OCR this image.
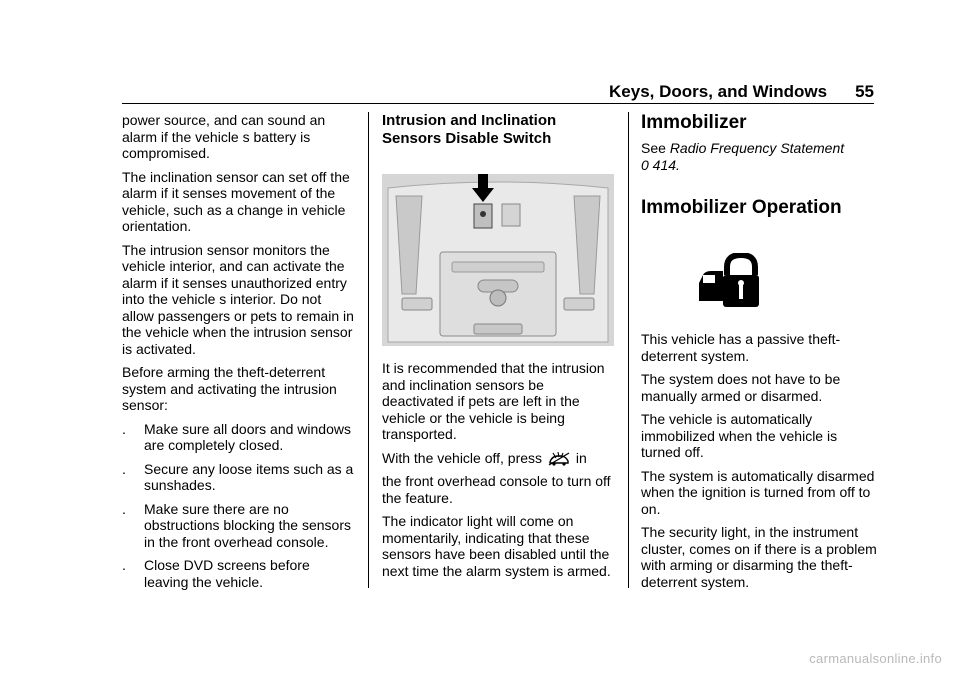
Keys, Doors, and Windows 55

power source, and can sound an alarm if the vehicle s battery is compromised.

The inclination sensor can set off the alarm if it senses movement of the vehicle, such as a change in vehicle orientation.

The intrusion sensor monitors the vehicle interior, and can activate the alarm if it senses unauthorized entry into the vehicle s interior. Do not allow passengers or pets to remain in the vehicle when the intrusion sensor is activated.

Before arming the theft-deterrent system and activating the intrusion sensor:

.	Make sure all doors and windows are completely closed.
.	Secure any loose items such as a sunshades.
.	Make sure there are no obstructions blocking the sensors in the front overhead console.
.	Close DVD screens before leaving the vehicle.
Intrusion and Inclination Sensors Disable Switch

It is recommended that the intrusion and inclination sensors be deactivated if pets are left in the vehicle or the vehicle is being transported.

With the vehicle off, press in

the front overhead console to turn off the feature.

The indicator light will come on momentarily, indicating that these sensors have been disabled until the next time the alarm system is armed.

Immobilizer

See Radio Frequency Statement
0 414.

Immobilizer Operation

This vehicle has a passive theft-deterrent system.

The system does not have to be manually armed or disarmed.

The vehicle is automatically immobilized when the vehicle is turned off.

The system is automatically disarmed when the ignition is turned from off to on.

The security light, in the instrument cluster, comes on if there is a problem with arming or disarming the theft-deterrent system.

carmanualsonline.info
